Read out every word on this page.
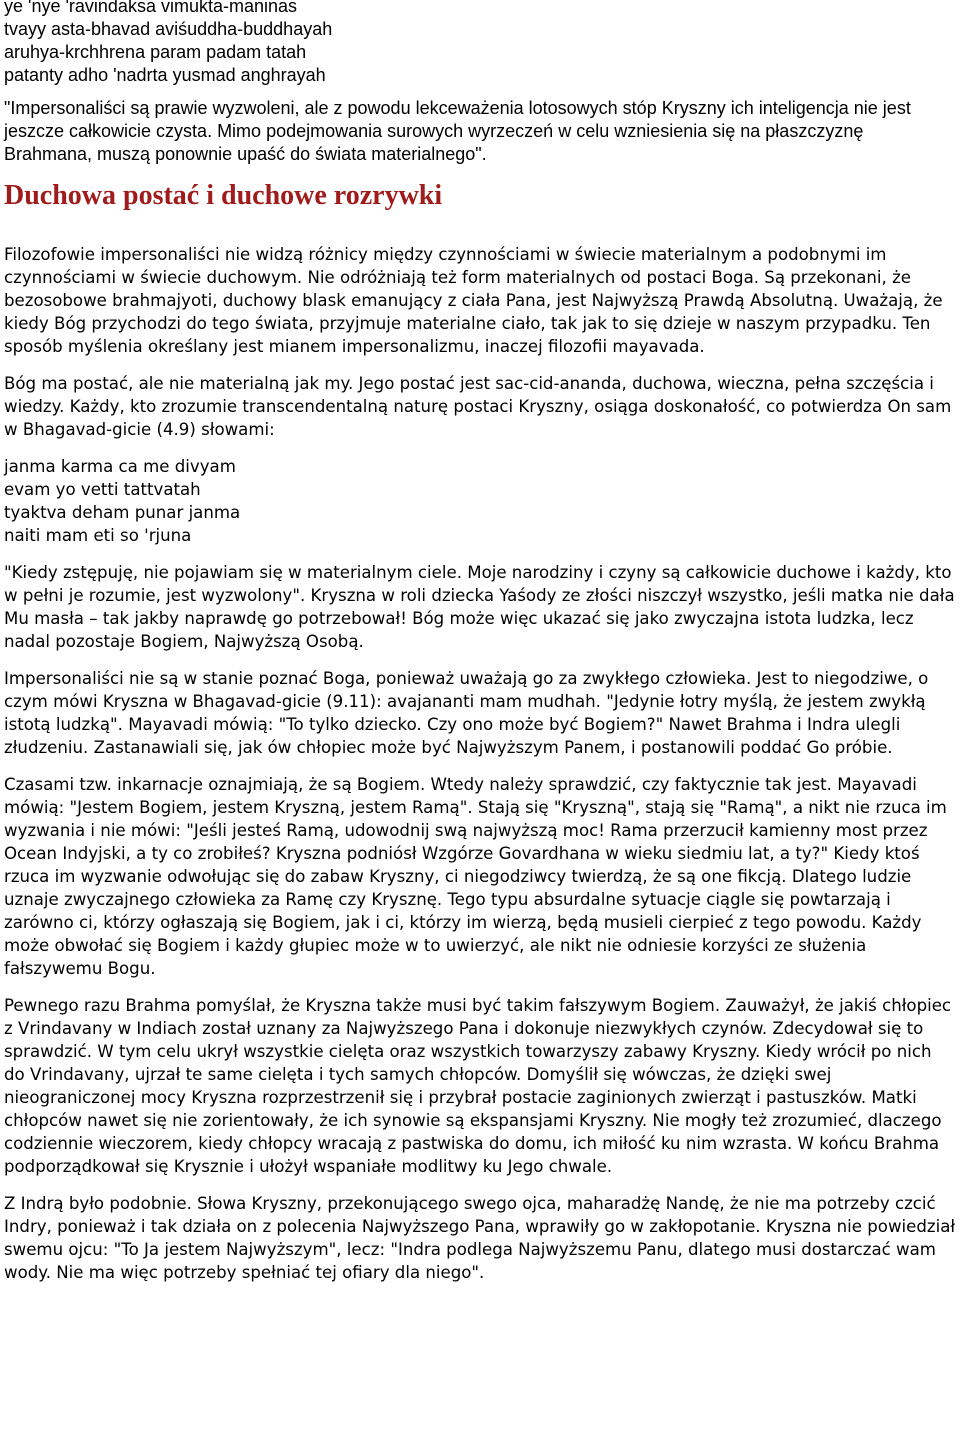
ye 'nye 'ravindaksa vimukta-maninas
tvayy asta-bhavad aviśuddha-buddhayah
aruhya-krchhrena param padam tatah
patanty adho 'nadrta yusmad anghrayah

"Impersonaliści są prawie wyzwoleni, ale z powodu lekceważenia lotosowych stóp Kryszny ich inteligencja nie jest jeszcze całkowicie czysta. Mimo podejmowania surowych wyrzeczeń w celu wzniesienia się na płaszczyznę Brahmana, muszą ponownie upaść do świata materialnego".

Duchowa postać i duchowe rozrywki

Filozofowie impersonaliści nie widzą różnicy między czynnościami w świecie materialnym a podobnymi im czynnościami w świecie duchowym. Nie odróżniają też form materialnych od postaci Boga. Są przekonani, że bezosobowe brahmajyoti, duchowy blask emanujący z ciała Pana, jest Najwyższą Prawdą Absolutną. Uważają, że kiedy Bóg przychodzi do tego świata, przyjmuje materialne ciało, tak jak to się dzieje w naszym przypadku. Ten sposób myślenia określany jest mianem impersonalizmu, inaczej filozofii mayavada.

Bóg ma postać, ale nie materialną jak my. Jego postać jest sac-cid-ananda, duchowa, wieczna, pełna szczęścia i wiedzy. Każdy, kto zrozumie transcendentalną naturę postaci Kryszny, osiąga doskonałość, co potwierdza On sam w Bhagavad-gicie (4.9) słowami:

janma karma ca me divyam
evam yo vetti tattvatah
tyaktva deham punar janma
naiti mam eti so 'rjuna

"Kiedy zstępuję, nie pojawiam się w materialnym ciele. Moje narodziny i czyny są całkowicie duchowe i każdy, kto w pełni je rozumie, jest wyzwolony". Kryszna w roli dziecka Yaśody ze złości niszczył wszystko, jeśli matka nie dała Mu masła – tak jakby naprawdę go potrzebował! Bóg może więc ukazać się jako zwyczajna istota ludzka, lecz nadal pozostaje Bogiem, Najwyższą Osobą.

Impersonaliści nie są w stanie poznać Boga, ponieważ uważają go za zwykłego człowieka. Jest to niegodziwe, o czym mówi Kryszna w Bhagavad-gicie (9.11): avajananti mam mudhah. "Jedynie łotry myślą, że jestem zwykłą istotą ludzką". Mayavadi mówią: "To tylko dziecko. Czy ono może być Bogiem?" Nawet Brahma i Indra ulegli złudzeniu. Zastanawiali się, jak ów chłopiec może być Najwyższym Panem, i postanowili poddać Go próbie.

Czasami tzw. inkarnacje oznajmiają, że są Bogiem. Wtedy należy sprawdzić, czy faktycznie tak jest. Mayavadi mówią: "Jestem Bogiem, jestem Kryszną, jestem Ramą". Stają się "Kryszną", stają się "Ramą", a nikt nie rzuca im wyzwania i nie mówi: "Jeśli jesteś Ramą, udowodnij swą najwyższą moc! Rama przerzucił kamienny most przez Ocean Indyjski, a ty co zrobiłeś? Kryszna podniósł Wzgórze Govardhana w wieku siedmiu lat, a ty?" Kiedy ktoś rzuca im wyzwanie odwołując się do zabaw Kryszny, ci niegodziwcy twierdzą, że są one fikcją. Dlatego ludzie uznaje zwyczajnego człowieka za Ramę czy Krysznę. Tego typu absurdalne sytuacje ciągle się powtarzają i zarówno ci, którzy ogłaszają się Bogiem, jak i ci, którzy im wierzą, będą musieli cierpieć z tego powodu. Każdy może obwołać się Bogiem i każdy głupiec może w to uwierzyć, ale nikt nie odniesie korzyści ze służenia fałszywemu Bogu.

Pewnego razu Brahma pomyślał, że Kryszna także musi być takim fałszywym Bogiem. Zauważył, że jakiś chłopiec z Vrindavany w Indiach został uznany za Najwyższego Pana i dokonuje niezwykłych czynów. Zdecydował się to sprawdzić. W tym celu ukrył wszystkie cielęta oraz wszystkich towarzyszy zabawy Kryszny. Kiedy wrócił po nich do Vrindavany, ujrzał te same cielęta i tych samych chłopców. Domyślił się wówczas, że dzięki swej nieograniczonej mocy Kryszna rozprzestrzenił się i przybrał postacie zaginionych zwierząt i pastuszków. Matki chłopców nawet się nie zorientowały, że ich synowie są ekspansjami Kryszny. Nie mogły też zrozumieć, dlaczego codziennie wieczorem, kiedy chłopcy wracają z pastwiska do domu, ich miłość ku nim wzrasta. W końcu Brahma podporządkował się Krysznie i ułożył wspaniałe modlitwy ku Jego chwale.

Z Indrą było podobnie. Słowa Kryszny, przekonującego swego ojca, maharadżę Nandę, że nie ma potrzeby czcić Indry, ponieważ i tak działa on z polecenia Najwyższego Pana, wprawiły go w zakłopotanie. Kryszna nie powiedział swemu ojcu: "To Ja jestem Najwyższym", lecz: "Indra podlega Najwyższemu Panu, dlatego musi dostarczać wam wody. Nie ma więc potrzeby spełniać tej ofiary dla niego".
